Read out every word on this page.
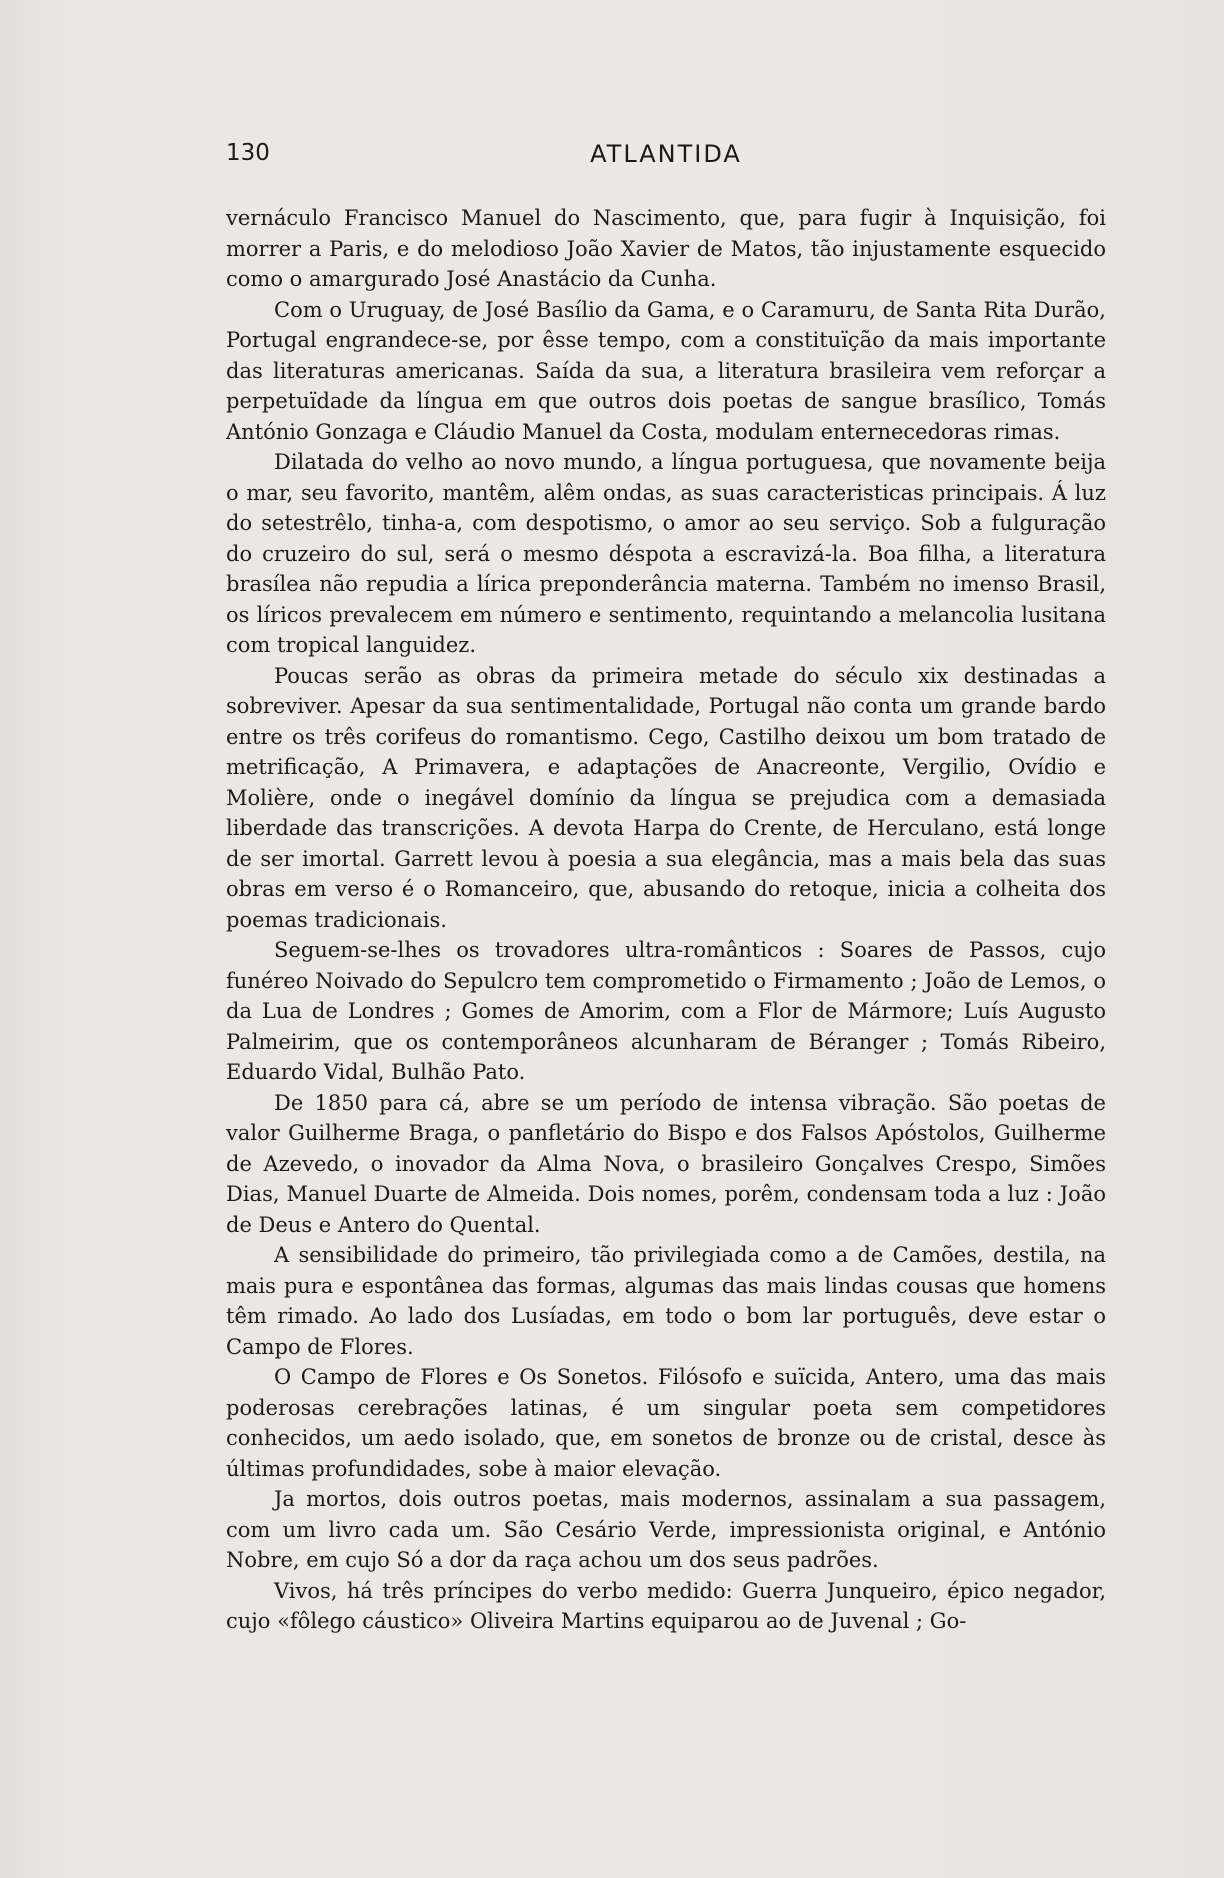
130	ATLANTIDA

vernáculo Francisco Manuel do Nascimento, que, para fugir à Inquisição, foi morrer a Paris, e do melodioso João Xavier de Matos, tão injustamente esquecido como o amargurado José Anastácio da Cunha.

Com o Uruguay, de José Basílio da Gama, e o Caramuru, de Santa Rita Durão, Portugal engrandece-se, por êsse tempo, com a constituïção da mais importante das literaturas americanas. Saída da sua, a literatura brasileira vem reforçar a perpetuïdade da língua em que outros dois poetas de sangue brasílico, Tomás António Gonzaga e Cláudio Manuel da Costa, modulam enternecedoras rimas.

Dilatada do velho ao novo mundo, a língua portuguesa, que novamente beija o mar, seu favorito, mantêm, alêm ondas, as suas caracteristicas principais. Á luz do setestrêlo, tinha-a, com despotismo, o amor ao seu serviço. Sob a fulguração do cruzeiro do sul, será o mesmo déspota a escravizá-la. Boa filha, a literatura brasílea não repudia a lírica preponderância materna. Também no imenso Brasil, os líricos prevalecem em número e sentimento, requintando a melancolia lusitana com tropical languidez.

Poucas serão as obras da primeira metade do século xix destinadas a sobreviver. Apesar da sua sentimentalidade, Portugal não conta um grande bardo entre os três corifeus do romantismo. Cego, Castilho deixou um bom tratado de metrificação, A Primavera, e adaptações de Anacreonte, Vergilio, Ovídio e Molière, onde o inegável domínio da língua se prejudica com a demasiada liberdade das transcrições. A devota Harpa do Crente, de Herculano, está longe de ser imortal. Garrett levou à poesia a sua elegância, mas a mais bela das suas obras em verso é o Romanceiro, que, abusando do retoque, inicia a colheita dos poemas tradicionais.

Seguem-se-lhes os trovadores ultra-românticos : Soares de Passos, cujo funéreo Noivado do Sepulcro tem comprometido o Firmamento ; João de Lemos, o da Lua de Londres ; Gomes de Amorim, com a Flor de Mármore; Luís Augusto Palmeirim, que os contemporâneos alcunharam de Béranger ; Tomás Ribeiro, Eduardo Vidal, Bulhão Pato.

De 1850 para cá, abre se um período de intensa vibração. São poetas de valor Guilherme Braga, o panfletário do Bispo e dos Falsos Apóstolos, Guilherme de Azevedo, o inovador da Alma Nova, o brasileiro Gonçalves Crespo, Simões Dias, Manuel Duarte de Almeida. Dois nomes, porêm, condensam toda a luz : João de Deus e Antero do Quental.

A sensibilidade do primeiro, tão privilegiada como a de Camões, destila, na mais pura e espontânea das formas, algumas das mais lindas cousas que homens têm rimado. Ao lado dos Lusíadas, em todo o bom lar português, deve estar o Campo de Flores.

O Campo de Flores e Os Sonetos. Filósofo e suïcida, Antero, uma das mais poderosas cerebrações latinas, é um singular poeta sem competidores conhecidos, um aedo isolado, que, em sonetos de bronze ou de cristal, desce às últimas profundidades, sobe à maior elevação.

Ja mortos, dois outros poetas, mais modernos, assinalam a sua passagem, com um livro cada um. São Cesário Verde, impressionista original, e António Nobre, em cujo Só a dor da raça achou um dos seus padrões.

Vivos, há três príncipes do verbo medido: Guerra Junqueiro, épico negador, cujo «fôlego cáustico» Oliveira Martins equiparou ao de Juvenal ; Go-
